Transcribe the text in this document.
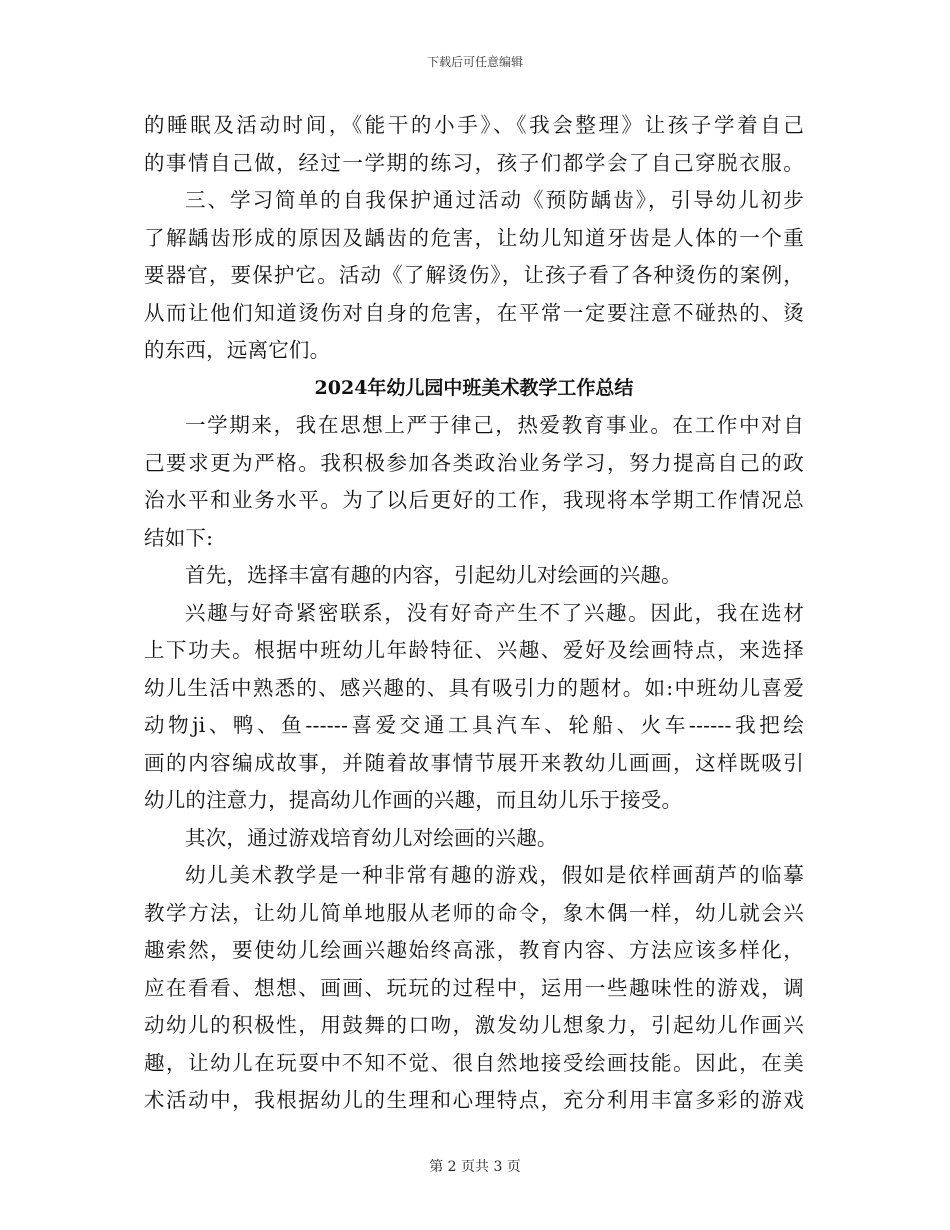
下载后可任意编辑
的睡眠及活动时间，《能干的小手》、《我会整理》让孩子学着自己
的事情自己做，经过一学期的练习，孩子们都学会了自己穿脱衣服。
三、学习简单的自我保护通过活动《预防龋齿》，引导幼儿初步
了解龋齿形成的原因及龋齿的危害，让幼儿知道牙齿是人体的一个重
要器官，要保护它。活动《了解烫伤》，让孩子看了各种烫伤的案例，
从而让他们知道烫伤对自身的危害，在平常一定要注意不碰热的、烫
的东西，远离它们。
2024年幼儿园中班美术教学工作总结
一学期来，我在思想上严于律己，热爱教育事业。在工作中对自
己要求更为严格。我积极参加各类政治业务学习，努力提高自己的政
治水平和业务水平。为了以后更好的工作，我现将本学期工作情况总
结如下:
首先，选择丰富有趣的内容，引起幼儿对绘画的兴趣。
兴趣与好奇紧密联系，没有好奇产生不了兴趣。因此，我在选材
上下功夫。根据中班幼儿年龄特征、兴趣、爱好及绘画特点，来选择
幼儿生活中熟悉的、感兴趣的、具有吸引力的题材。如:中班幼儿喜爱
动物ji、鸭、鱼------喜爱交通工具汽车、轮船、火车------我把绘
画的内容编成故事，并随着故事情节展开来教幼儿画画，这样既吸引
幼儿的注意力，提高幼儿作画的兴趣，而且幼儿乐于接受。
其次，通过游戏培育幼儿对绘画的兴趣。
幼儿美术教学是一种非常有趣的游戏，假如是依样画葫芦的临摹
教学方法，让幼儿简单地服从老师的命令，象木偶一样，幼儿就会兴
趣索然，要使幼儿绘画兴趣始终高涨，教育内容、方法应该多样化，
应在看看、想想、画画、玩玩的过程中，运用一些趣味性的游戏，调
动幼儿的积极性，用鼓舞的口吻，激发幼儿想象力，引起幼儿作画兴
趣，让幼儿在玩耍中不知不觉、很自然地接受绘画技能。因此，在美
术活动中，我根据幼儿的生理和心理特点，充分利用丰富多彩的游戏
第 2 页共 3 页
